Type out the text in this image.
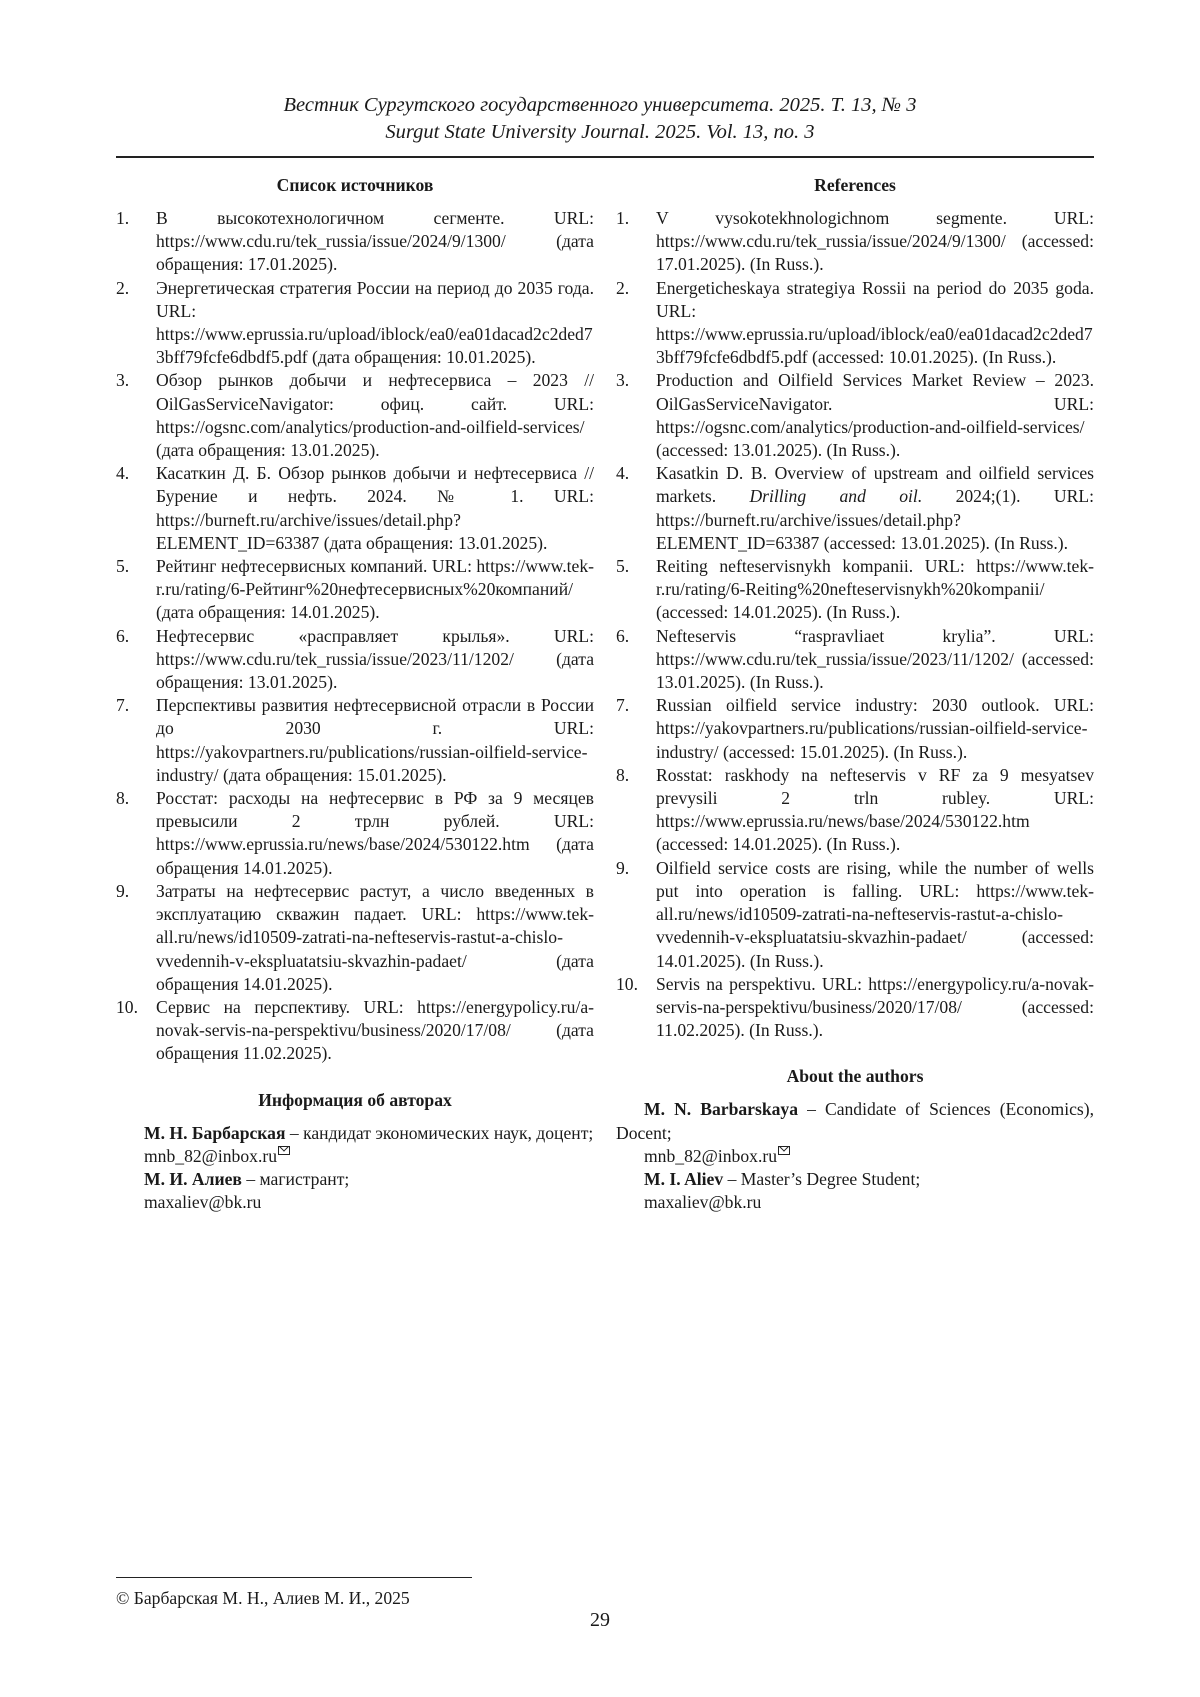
Вестник Сургутского государственного университета. 2025. Т. 13, № 3
Surgut State University Journal. 2025. Vol. 13, no. 3
Список источников
1.	В высокотехнологичном сегменте. URL: https://www.cdu.ru/tek_russia/issue/2024/9/1300/ (дата обращения: 17.01.2025).
2.	Энергетическая стратегия России на период до 2035 года. URL: https://www.eprussia.ru/upload/iblock/ea0/ea01dacad2c2ded73bff79fcfe6dbdf5.pdf (дата обращения: 10.01.2025).
3.	Обзор рынков добычи и нефтесервиса – 2023 // OilGasServiceNavigator: офиц. сайт. URL: https://ogsnc.com/analytics/production-and-oilfield-services/ (дата обращения: 13.01.2025).
4.	Касаткин Д. Б. Обзор рынков добычи и нефтесервиса // Бурение и нефть. 2024. № 1. URL: https://burneft.ru/archive/issues/detail.php?ELEMENT_ID=63387 (дата обращения: 13.01.2025).
5.	Рейтинг нефтесервисных компаний. URL: https://www.tek-r.ru/rating/6-Рейтинг%20нефтесервисных%20компаний/ (дата обращения: 14.01.2025).
6.	Нефтесервис «расправляет крылья». URL: https://www.cdu.ru/tek_russia/issue/2023/11/1202/ (дата обращения: 13.01.2025).
7.	Перспективы развития нефтесервисной отрасли в России до 2030 г. URL: https://yakovpartners.ru/publications/russian-oilfield-service-industry/ (дата обращения: 15.01.2025).
8.	Росстат: расходы на нефтесервис в РФ за 9 месяцев превысили 2 трлн рублей. URL: https://www.eprussia.ru/news/base/2024/530122.htm (дата обращения 14.01.2025).
9.	Затраты на нефтесервис растут, а число введенных в эксплуатацию скважин падает. URL: https://www.tek-all.ru/news/id10509-zatrati-na-nefteservis-rastut-a-chislo-vvedennih-v-ekspluatatsiu-skvazhin-padaet/ (дата обращения 14.01.2025).
10.	Сервис на перспективу. URL: https://energypolicy.ru/a-novak-servis-na-perspektivu/business/2020/17/08/ (дата обращения 11.02.2025).
Информация об авторах
М. Н. Барбарская – кандидат экономических наук, доцент;
mnb_82@inbox.ru
М. И. Алиев – магистрант;
maxaliev@bk.ru
References
1.	V vysokotekhnologichnom segmente. URL: https://www.cdu.ru/tek_russia/issue/2024/9/1300/ (accessed: 17.01.2025). (In Russ.).
2.	Energeticheskaya strategiya Rossii na period do 2035 goda. URL: https://www.eprussia.ru/upload/iblock/ea0/ea01dacad2c2ded73bff79fcfe6dbdf5.pdf (accessed: 10.01.2025). (In Russ.).
3.	Production and Oilfield Services Market Review – 2023. OilGasServiceNavigator. URL: https://ogsnc.com/analytics/production-and-oilfield-services/ (accessed: 13.01.2025). (In Russ.).
4.	Kasatkin D. B. Overview of upstream and oilfield services markets. Drilling and oil. 2024;(1). URL: https://burneft.ru/archive/issues/detail.php?ELEMENT_ID=63387 (accessed: 13.01.2025). (In Russ.).
5.	Reiting nefteservisnykh kompanii. URL: https://www.tek-r.ru/rating/6-Reiting%20nefteservisnykh%20kompanii/ (accessed: 14.01.2025). (In Russ.).
6.	Nefteservis “raspravliaet krylia”. URL: https://www.cdu.ru/tek_russia/issue/2023/11/1202/ (accessed: 13.01.2025). (In Russ.).
7.	Russian oilfield service industry: 2030 outlook. URL: https://yakovpartners.ru/publications/russian-oilfield-service-industry/ (accessed: 15.01.2025). (In Russ.).
8.	Rosstat: raskhody na nefteservis v RF za 9 mesyatsev prevysili 2 trln rubley. URL: https://www.eprussia.ru/news/base/2024/530122.htm (accessed: 14.01.2025). (In Russ.).
9.	Oilfield service costs are rising, while the number of wells put into operation is falling. URL: https://www.tek-all.ru/news/id10509-zatrati-na-nefteservis-rastut-a-chislo-vvedennih-v-ekspluatatsiu-skvazhin-padaet/ (accessed: 14.01.2025). (In Russ.).
10.	Servis na perspektivu. URL: https://energypolicy.ru/a-novak-servis-na-perspektivu/business/2020/17/08/ (accessed: 11.02.2025). (In Russ.).
About the authors
M. N. Barbarskaya – Candidate of Sciences (Economics), Docent;
mnb_82@inbox.ru
M. I. Aliev – Master’s Degree Student;
maxaliev@bk.ru
© Барбарская М. Н., Алиев М. И., 2025
29
